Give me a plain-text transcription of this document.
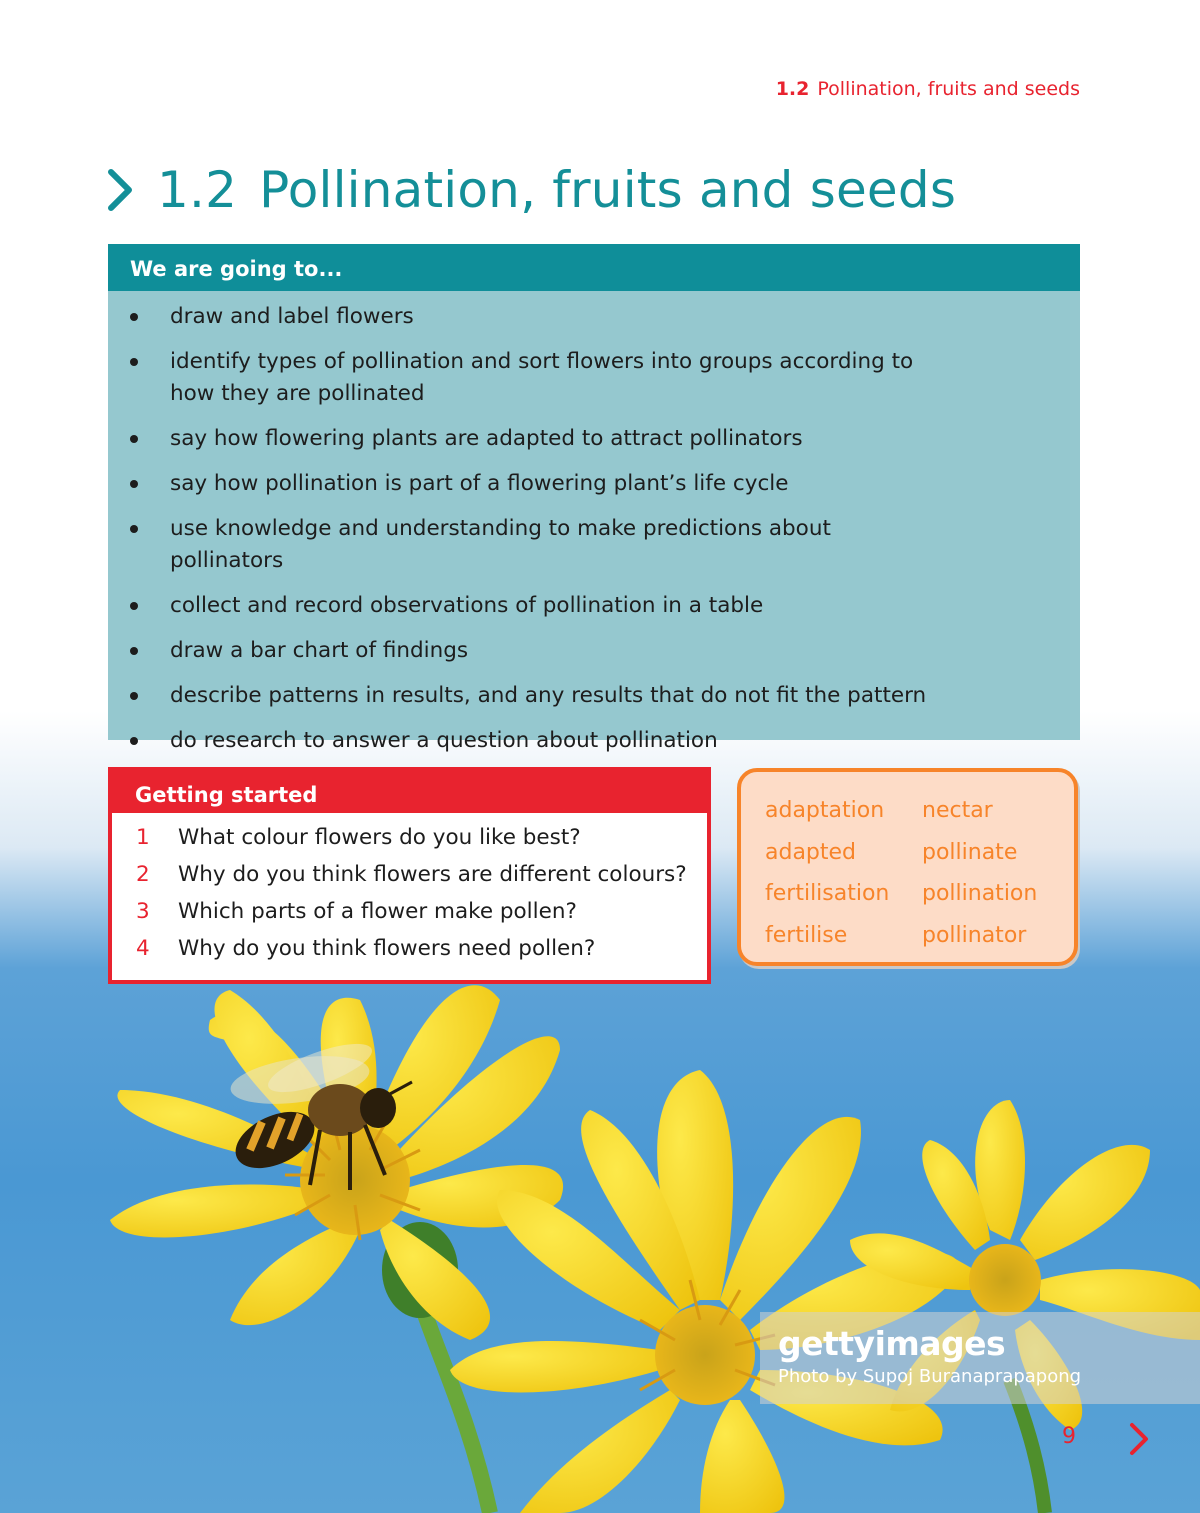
1.2 Pollination, fruits and seeds
1.2 Pollination, fruits and seeds
We are going to...
draw and label flowers
identify types of pollination and sort flowers into groups according to how they are pollinated
say how flowering plants are adapted to attract pollinators
say how pollination is part of a flowering plant’s life cycle
use knowledge and understanding to make predictions about pollinators
collect and record observations of pollination in a table
draw a bar chart of findings
describe patterns in results, and any results that do not fit the pattern
do research to answer a question about pollination
Getting started
1	What colour flowers do you like best?
2	Why do you think flowers are different colours?
3	Which parts of a flower make pollen?
4	Why do you think flowers need pollen?
adaptation	nectar
adapted	pollinate
fertilisation	pollination
fertilise	pollinator
gettyimages
Photo by Supoj Buranaprapapong
9
